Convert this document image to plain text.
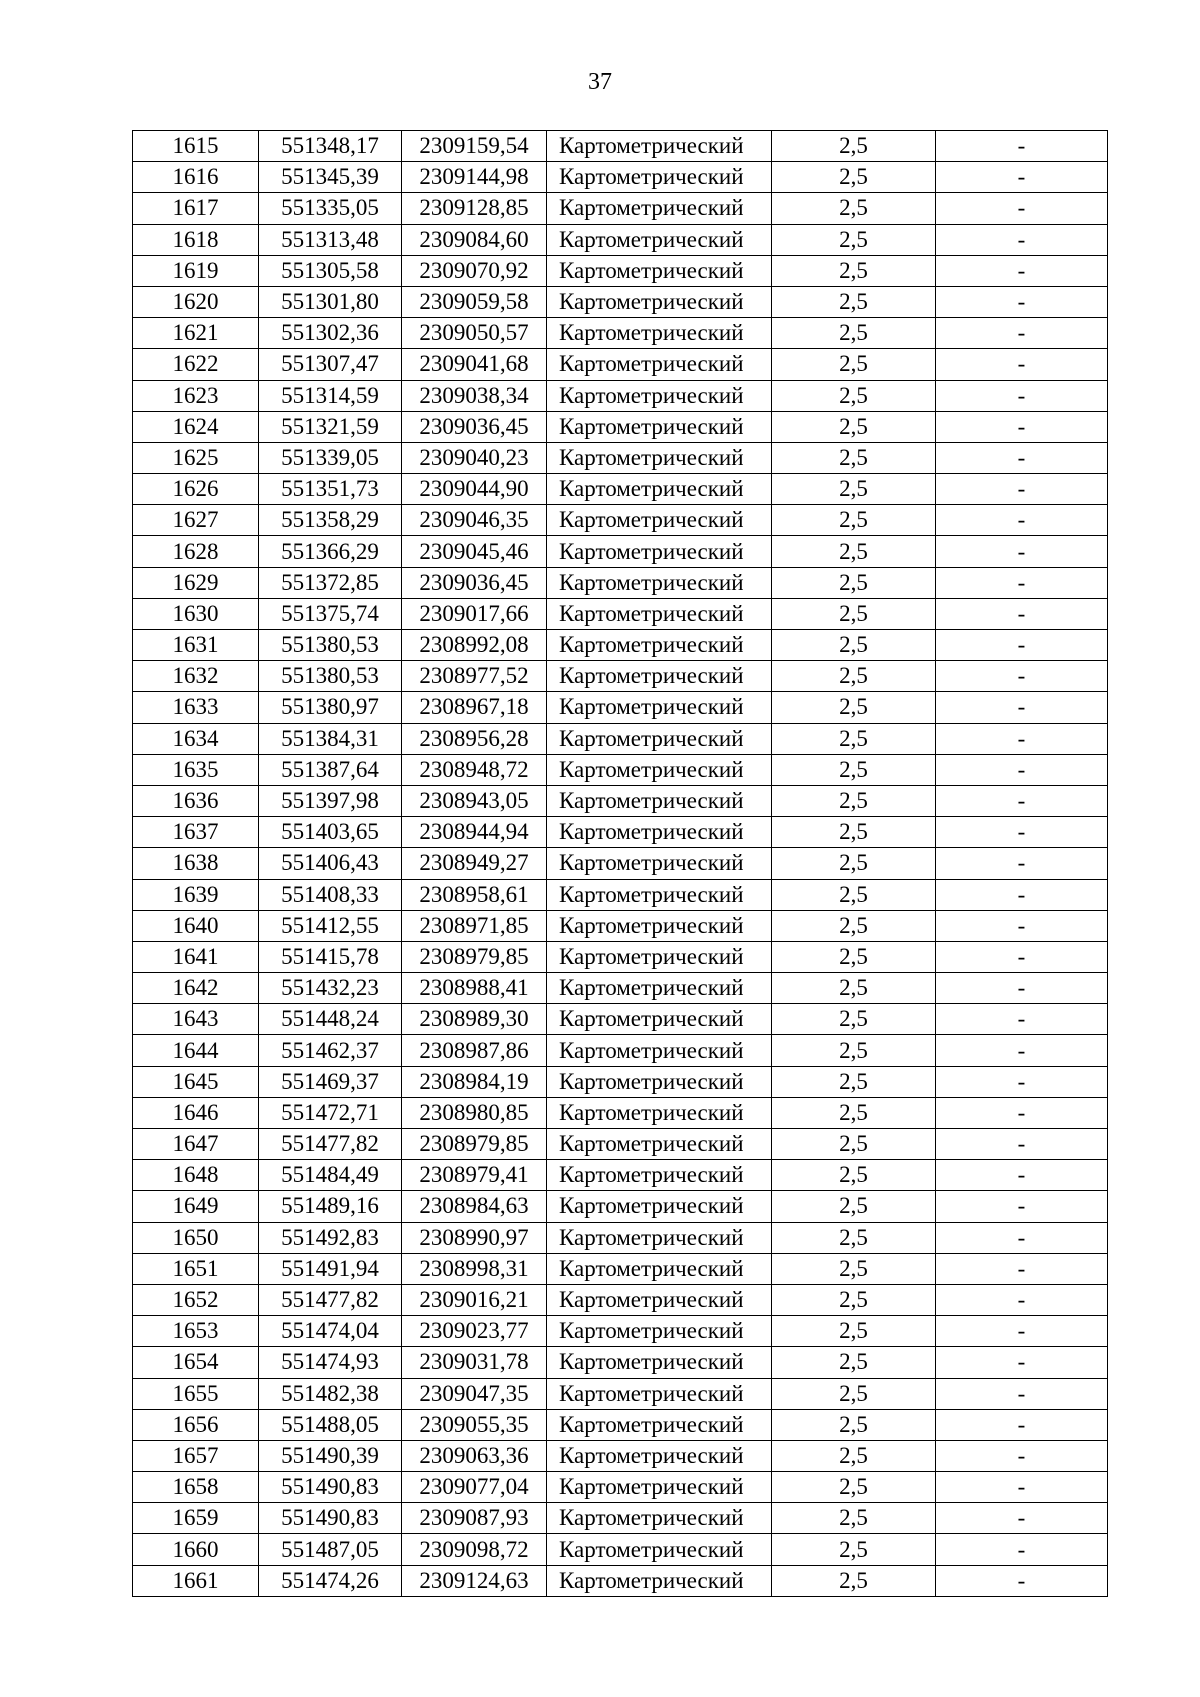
37
1615	551348,17	2309159,54	Картометрический	2,5	-
1616	551345,39	2309144,98	Картометрический	2,5	-
1617	551335,05	2309128,85	Картометрический	2,5	-
1618	551313,48	2309084,60	Картометрический	2,5	-
1619	551305,58	2309070,92	Картометрический	2,5	-
1620	551301,80	2309059,58	Картометрический	2,5	-
1621	551302,36	2309050,57	Картометрический	2,5	-
1622	551307,47	2309041,68	Картометрический	2,5	-
1623	551314,59	2309038,34	Картометрический	2,5	-
1624	551321,59	2309036,45	Картометрический	2,5	-
1625	551339,05	2309040,23	Картометрический	2,5	-
1626	551351,73	2309044,90	Картометрический	2,5	-
1627	551358,29	2309046,35	Картометрический	2,5	-
1628	551366,29	2309045,46	Картометрический	2,5	-
1629	551372,85	2309036,45	Картометрический	2,5	-
1630	551375,74	2309017,66	Картометрический	2,5	-
1631	551380,53	2308992,08	Картометрический	2,5	-
1632	551380,53	2308977,52	Картометрический	2,5	-
1633	551380,97	2308967,18	Картометрический	2,5	-
1634	551384,31	2308956,28	Картометрический	2,5	-
1635	551387,64	2308948,72	Картометрический	2,5	-
1636	551397,98	2308943,05	Картометрический	2,5	-
1637	551403,65	2308944,94	Картометрический	2,5	-
1638	551406,43	2308949,27	Картометрический	2,5	-
1639	551408,33	2308958,61	Картометрический	2,5	-
1640	551412,55	2308971,85	Картометрический	2,5	-
1641	551415,78	2308979,85	Картометрический	2,5	-
1642	551432,23	2308988,41	Картометрический	2,5	-
1643	551448,24	2308989,30	Картометрический	2,5	-
1644	551462,37	2308987,86	Картометрический	2,5	-
1645	551469,37	2308984,19	Картометрический	2,5	-
1646	551472,71	2308980,85	Картометрический	2,5	-
1647	551477,82	2308979,85	Картометрический	2,5	-
1648	551484,49	2308979,41	Картометрический	2,5	-
1649	551489,16	2308984,63	Картометрический	2,5	-
1650	551492,83	2308990,97	Картометрический	2,5	-
1651	551491,94	2308998,31	Картометрический	2,5	-
1652	551477,82	2309016,21	Картометрический	2,5	-
1653	551474,04	2309023,77	Картометрический	2,5	-
1654	551474,93	2309031,78	Картометрический	2,5	-
1655	551482,38	2309047,35	Картометрический	2,5	-
1656	551488,05	2309055,35	Картометрический	2,5	-
1657	551490,39	2309063,36	Картометрический	2,5	-
1658	551490,83	2309077,04	Картометрический	2,5	-
1659	551490,83	2309087,93	Картометрический	2,5	-
1660	551487,05	2309098,72	Картометрический	2,5	-
1661	551474,26	2309124,63	Картометрический	2,5	-
